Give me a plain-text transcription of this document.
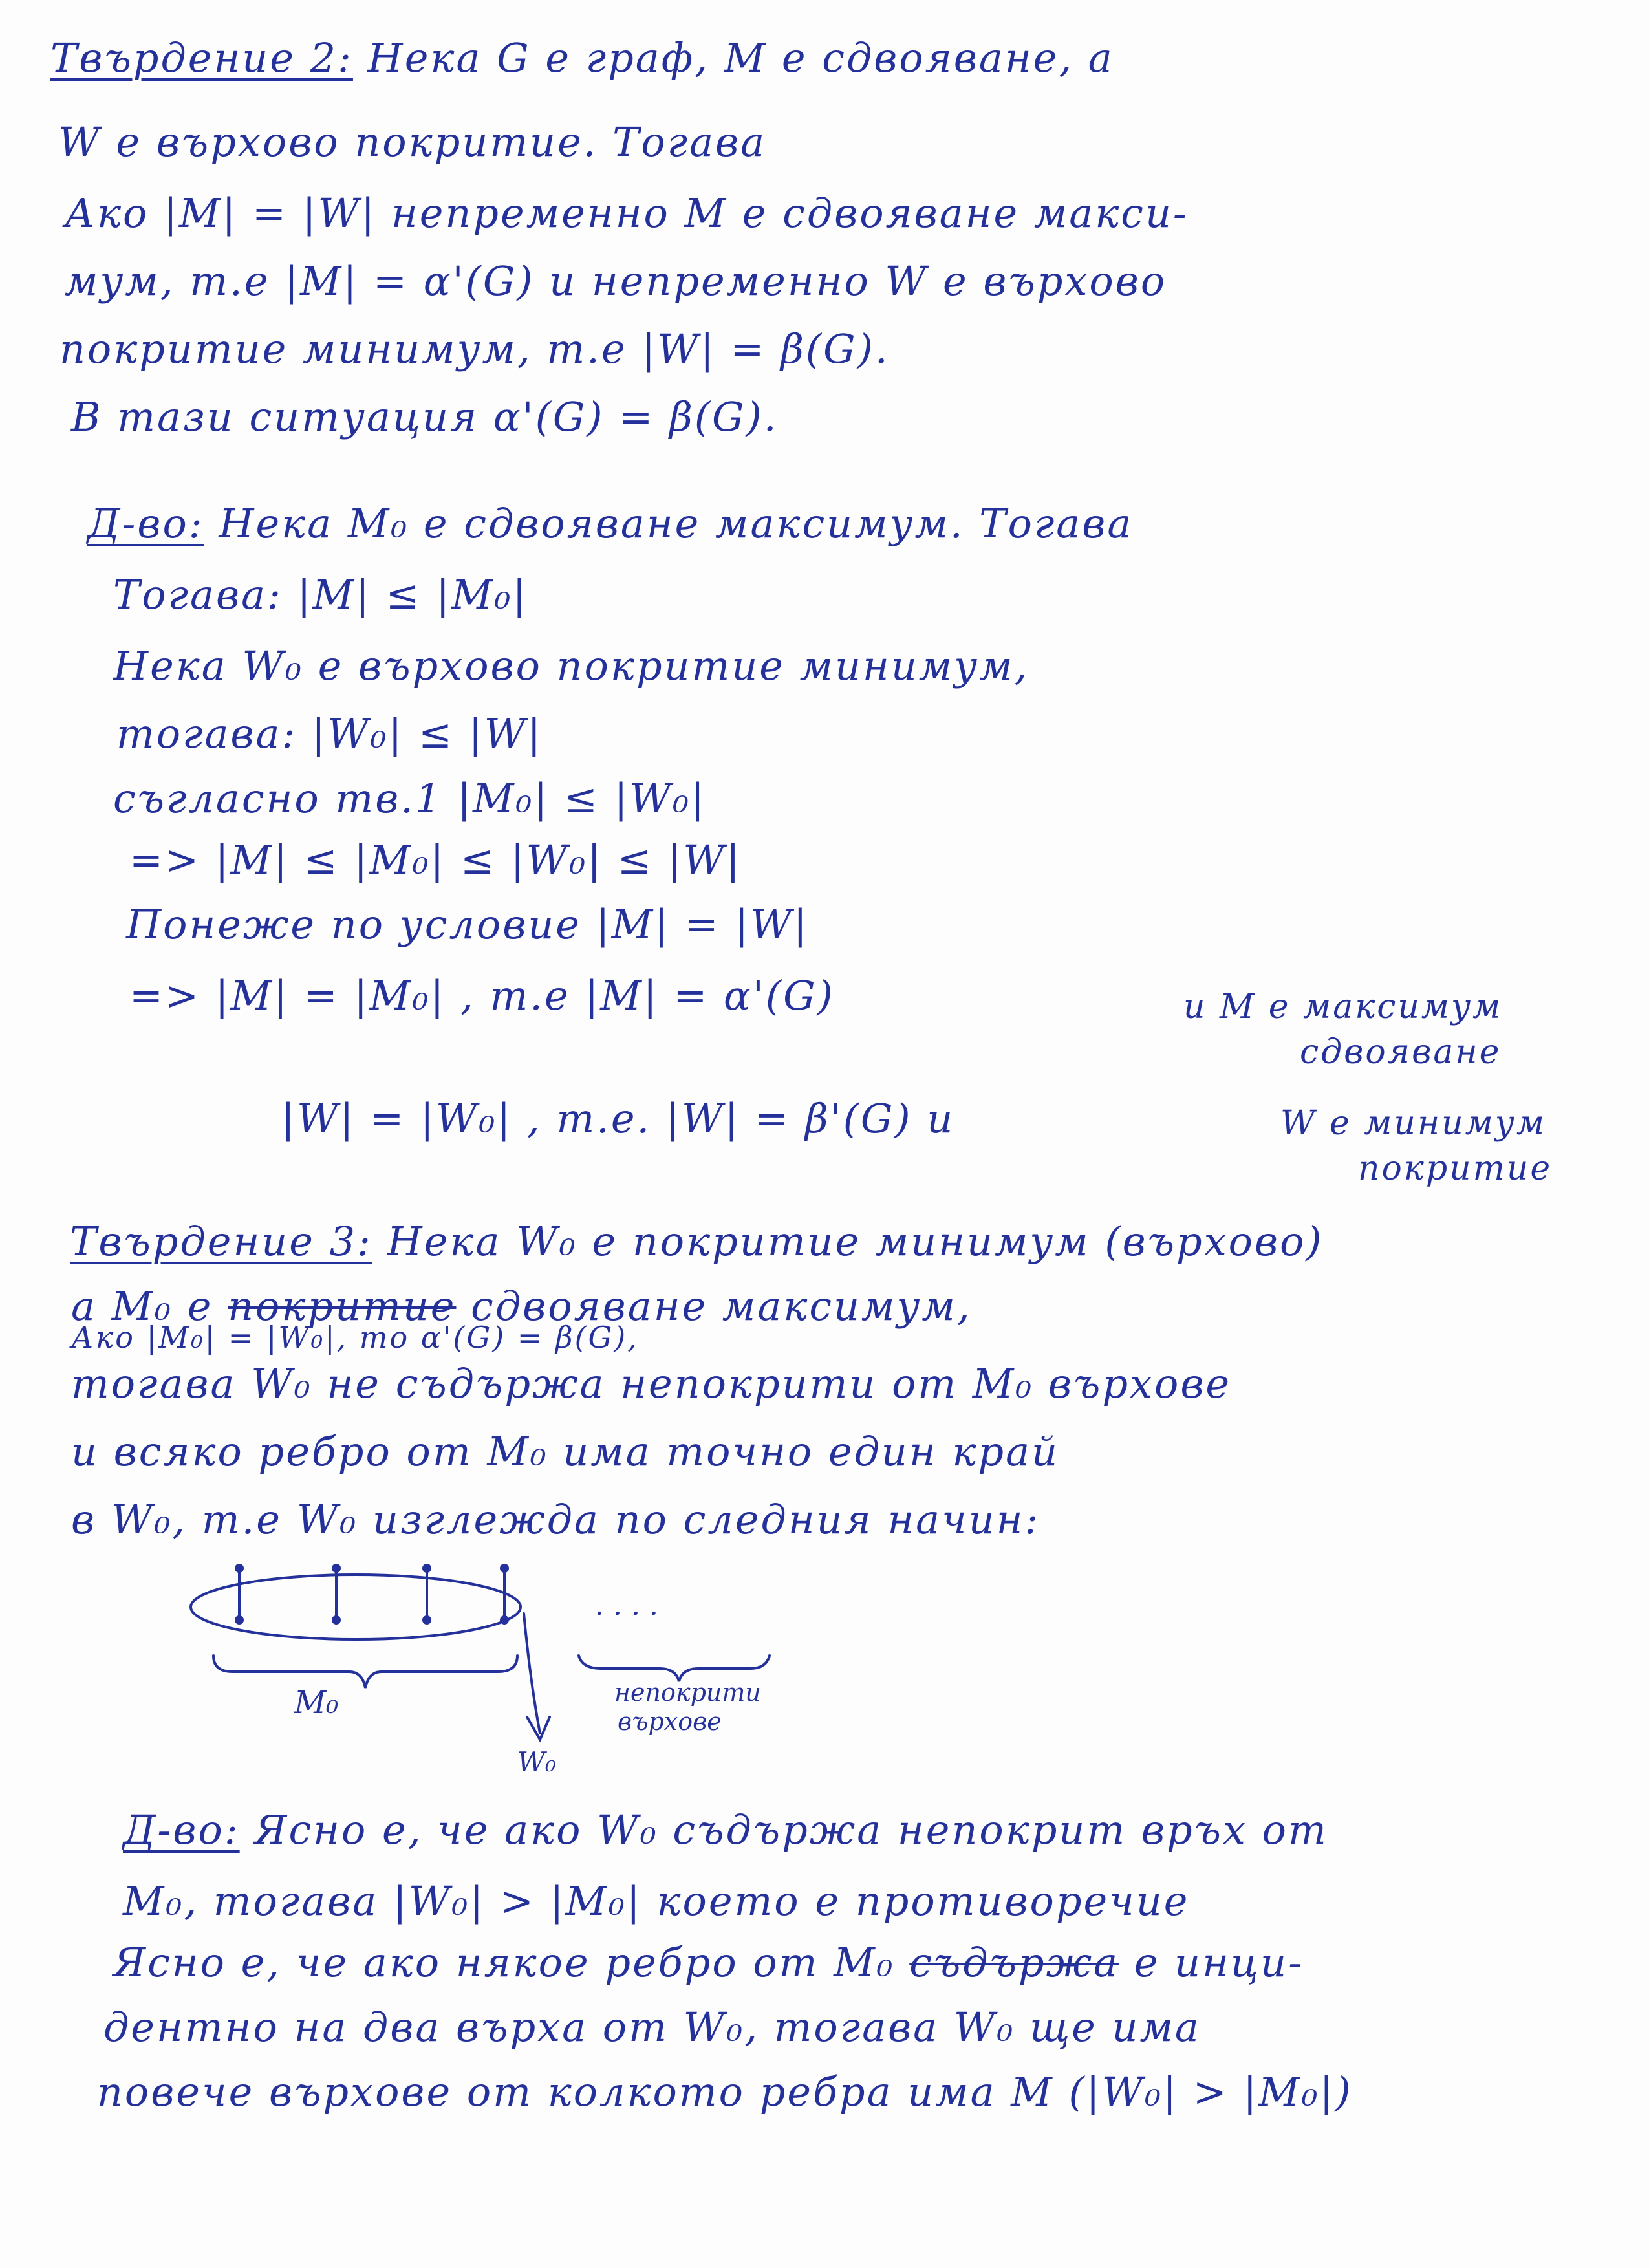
Твърдение 2: Нека G е граф, М е сдвояване, а
W е върхово покритие. Тогава
Ако |М| = |W| непременно М е сдвояване макси-
мум, т.е |М| = α'(G) и непременно W е върхово
покритие минимум, т.е |W| = β(G).
В тази ситуация α'(G) = β(G).
Д-во: Нека М₀ е сдвояване максимум. Тогава
Тогава: |М| ≤ |М₀|
Нека W₀ е върхово покритие минимум,
тогава: |W₀| ≤ |W|
съгласно тв.1 |М₀| ≤ |W₀|
=> |М| ≤ |М₀| ≤ |W₀| ≤ |W|
Понеже по условие |М| = |W|
=> |М| = |М₀| , т.е |М| = α'(G)	и М е максимум
сдвояване
|W| = |W₀| , т.е. |W| = β'(G) и	W е минимум
покритие
Твърдение 3: Нека W₀ е покритие минимум (върхово)
а М₀ е покритие сдвояване максимум,
Ако |М₀| = |W₀|, то α'(G) = β(G),
тогава W₀ не съдържа непокрити от М₀ върхове
и всяко ребро от М₀ има точно един край
в W₀, т.е W₀ изглежда по следния начин:
· · · ·
М₀
W₀
непокрити
върхове
Д-во: Ясно е, че ако W₀ съдържа непокрит връх от
М₀, тогава |W₀| > |М₀| което е противоречие
Ясно е, че ако някое ребро от М₀ съдържа е инци-
дентно на два върха от W₀, тогава W₀ ще има
повече върхове от колкото ребра има М (|W₀| > |М₀|)
